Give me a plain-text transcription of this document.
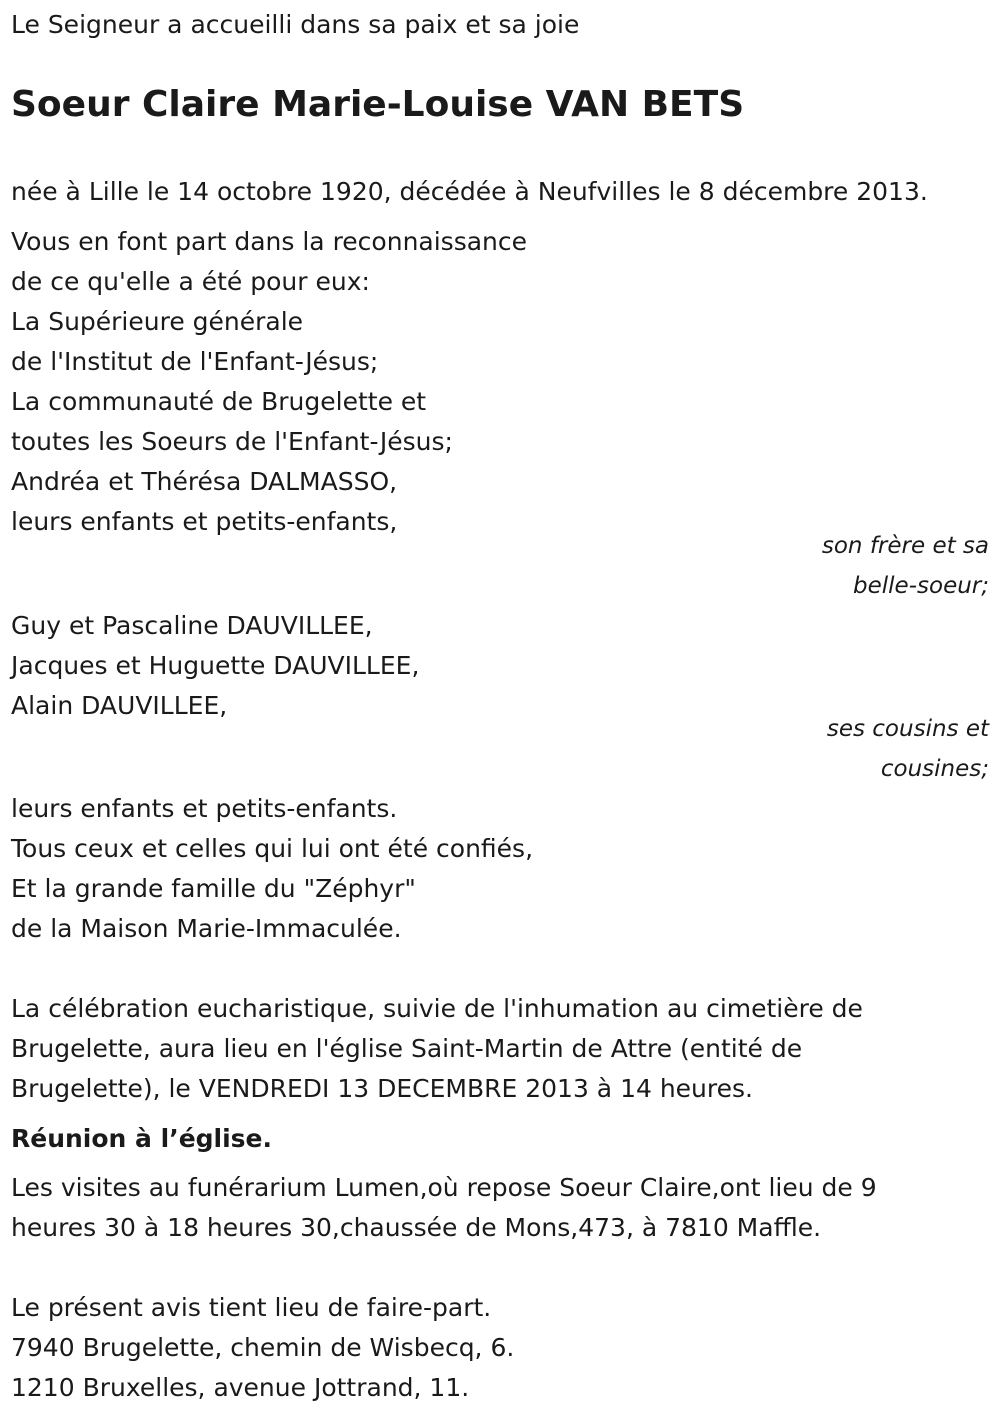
Le Seigneur a accueilli dans sa paix et sa joie
Soeur Claire Marie-Louise VAN BETS
née à Lille le 14 octobre 1920, décédée à Neufvilles le 8 décembre 2013.
Vous en font part dans la reconnaissance
de ce qu'elle a été pour eux:
La Supérieure générale
de l'Institut de l'Enfant-Jésus;
La communauté de Brugelette et
toutes les Soeurs de l'Enfant-Jésus;
Andréa et Thérésa DALMASSO,
leurs enfants et petits-enfants,
son frère et sa
belle-soeur;
Guy et Pascaline DAUVILLEE,
Jacques et Huguette DAUVILLEE,
Alain DAUVILLEE,
ses cousins et
cousines;
leurs enfants et petits-enfants.
Tous ceux et celles qui lui ont été confiés,
Et la grande famille du "Zéphyr"
de la Maison Marie-Immaculée.
La célébration eucharistique, suivie de l'inhumation au cimetière de
Brugelette, aura lieu en l'église Saint-Martin de Attre (entité de
Brugelette), le VENDREDI 13 DECEMBRE 2013 à 14 heures.
Réunion à l’église.
Les visites au funérarium Lumen,où repose Soeur Claire,ont lieu de 9
heures 30 à 18 heures 30,chaussée de Mons,473, à 7810 Maffle.
Le présent avis tient lieu de faire-part.
7940 Brugelette, chemin de Wisbecq, 6.
1210 Bruxelles, avenue Jottrand, 11.
